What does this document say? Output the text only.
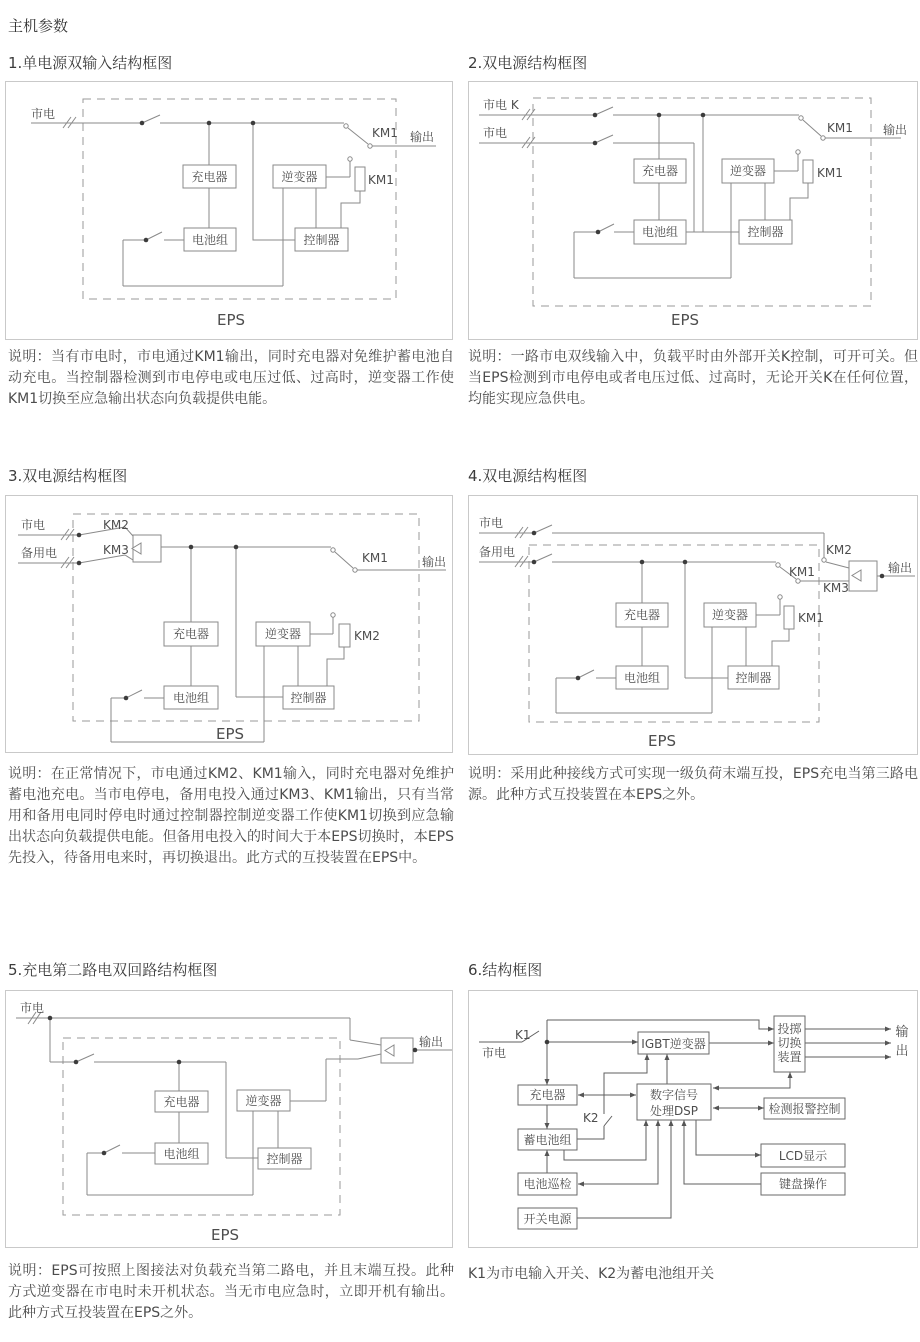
主机参数
1.单电源双输入结构框图
市电
KM1 输出
充电器	逆变器
电池组	控制器
KM1
EPS
说明：当有市电时，市电通过KM1输出，同时充电器对免维护蓄电池自动充电。当控制器检测到市电停电或电压过低、过高时，逆变器工作使KM1切换至应急输出状态向负载提供电能。
2.双电源结构框图
市电 K
市电	KM1	输出
充电器	逆变器
电池组	控制器
KM1
EPS
说明：一路市电双线输入中，负载平时由外部开关K控制，可开可关。但当EPS检测到市电停电或者电压过低、过高时，无论开关K在任何位置，均能实现应急供电。
3.双电源结构框图
市电
备用电
KM2
KM3
KM1	输出
充电器	逆变器
电池组	控制器
KM2
EPS
说明：在正常情况下，市电通过KM2、KM1输入，同时充电器对免维护蓄电池充电。当市电停电，备用电投入通过KM3、KM1输出，只有当常用和备用电同时停电时通过控制器控制逆变器工作使KM1切换到应急输出状态向负载提供电能。但备用电投入的时间大于本EPS切换时，本EPS先投入，待备用电来时，再切换退出。此方式的互投装置在EPS中。
4.双电源结构框图
市电
备用电	KM2
KM1
KM3
输出
充电器	逆变器
电池组	控制器
KM1
EPS
说明：采用此种接线方式可实现一级负荷末端互投，EPS充电当第三路电源。此种方式互投装置在本EPS之外。
5.充电第二路电双回路结构框图
市电
输出
充电器	逆变器
电池组	控制器
EPS
说明：EPS可按照上图接法对负载充当第二路电，并且末端互投。此种方式逆变器在市电时未开机状态。当无市电应急时，立即开机有输出。此种方式互投装置在EPS之外。
6.结构框图
K1
市电
K2
IGBT逆变器
投掷
切换
装置
输
出
充电器	数字信号
处理DSP	检测报警控制
蓄电池组
LCD显示
电池巡检	键盘操作
开关电源
K1为市电输入开关、K2为蓄电池组开关
